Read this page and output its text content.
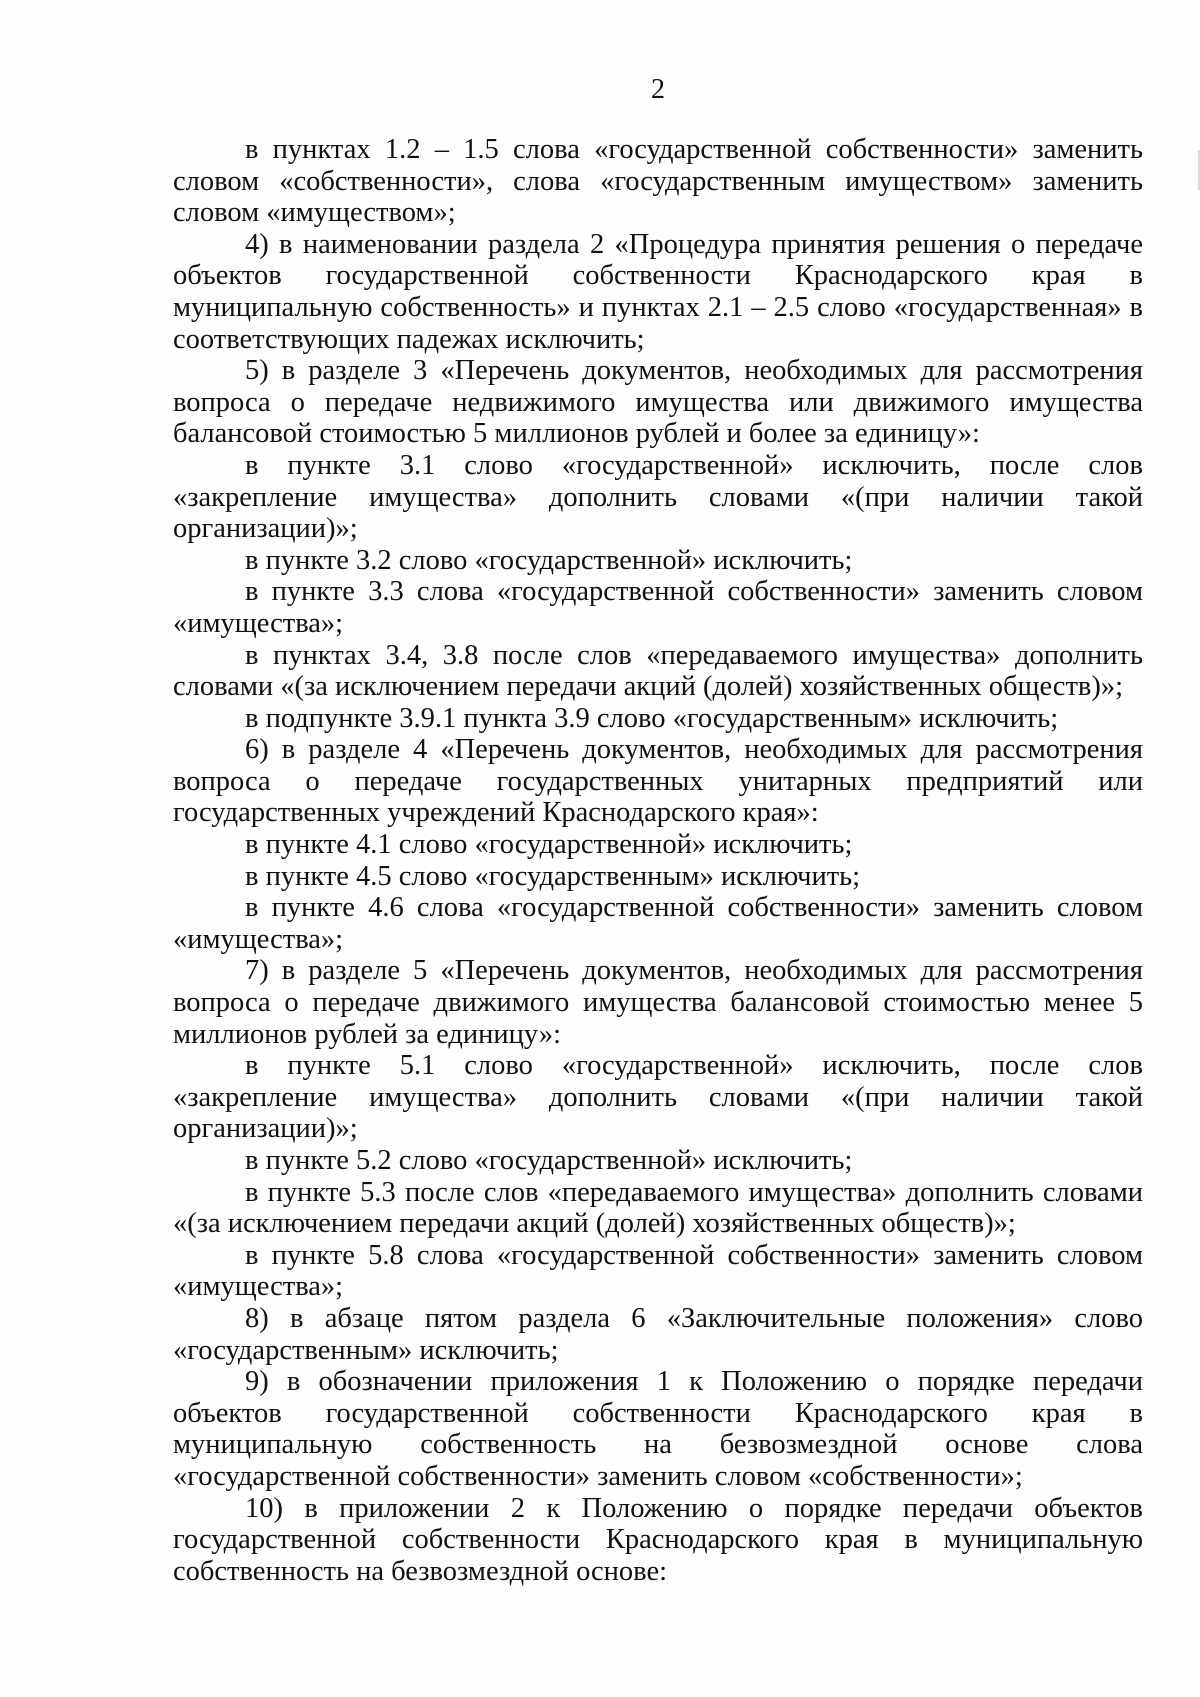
2

в пунктах 1.2 – 1.5 слова «государственной собственности» заменить словом «собственности», слова «государственным имуществом» заменить словом «имуществом»;

4) в наименовании раздела 2 «Процедура принятия решения о передаче объектов государственной собственности Краснодарского края в муниципальную собственность» и пунктах 2.1 – 2.5 слово «государственная» в соответствующих падежах исключить;

5) в разделе 3 «Перечень документов, необходимых для рассмотрения вопроса о передаче недвижимого имущества или движимого имущества балансовой стоимостью 5 миллионов рублей и более за единицу»:

в пункте 3.1 слово «государственной» исключить, после слов «закрепление имущества» дополнить словами «(при наличии такой организации)»;

в пункте 3.2 слово «государственной» исключить;

в пункте 3.3 слова «государственной собственности» заменить словом «имущества»;

в пунктах 3.4, 3.8 после слов «передаваемого имущества» дополнить словами «(за исключением передачи акций (долей) хозяйственных обществ)»;

в подпункте 3.9.1 пункта 3.9 слово «государственным» исключить;

6) в разделе 4 «Перечень документов, необходимых для рассмотрения вопроса о передаче государственных унитарных предприятий или государственных учреждений Краснодарского края»:

в пункте 4.1 слово «государственной» исключить;

в пункте 4.5 слово «государственным» исключить;

в пункте 4.6 слова «государственной собственности» заменить словом «имущества»;

7) в разделе 5 «Перечень документов, необходимых для рассмотрения вопроса о передаче движимого имущества балансовой стоимостью менее 5 миллионов рублей за единицу»:

в пункте 5.1 слово «государственной» исключить, после слов «закрепление имущества» дополнить словами «(при наличии такой организации)»;

в пункте 5.2 слово «государственной» исключить;

в пункте 5.3 после слов «передаваемого имущества» дополнить словами «(за исключением передачи акций (долей) хозяйственных обществ)»;

в пункте 5.8 слова «государственной собственности» заменить словом «имущества»;

8) в абзаце пятом раздела 6 «Заключительные положения» слово «государственным» исключить;

9) в обозначении приложения 1 к Положению о порядке передачи объектов государственной собственности Краснодарского края в муниципальную собственность на безвозмездной основе слова «государственной собственности» заменить словом «собственности»;

10) в приложении 2 к Положению о порядке передачи объектов государственной собственности Краснодарского края в муниципальную собственность на безвозмездной основе:
